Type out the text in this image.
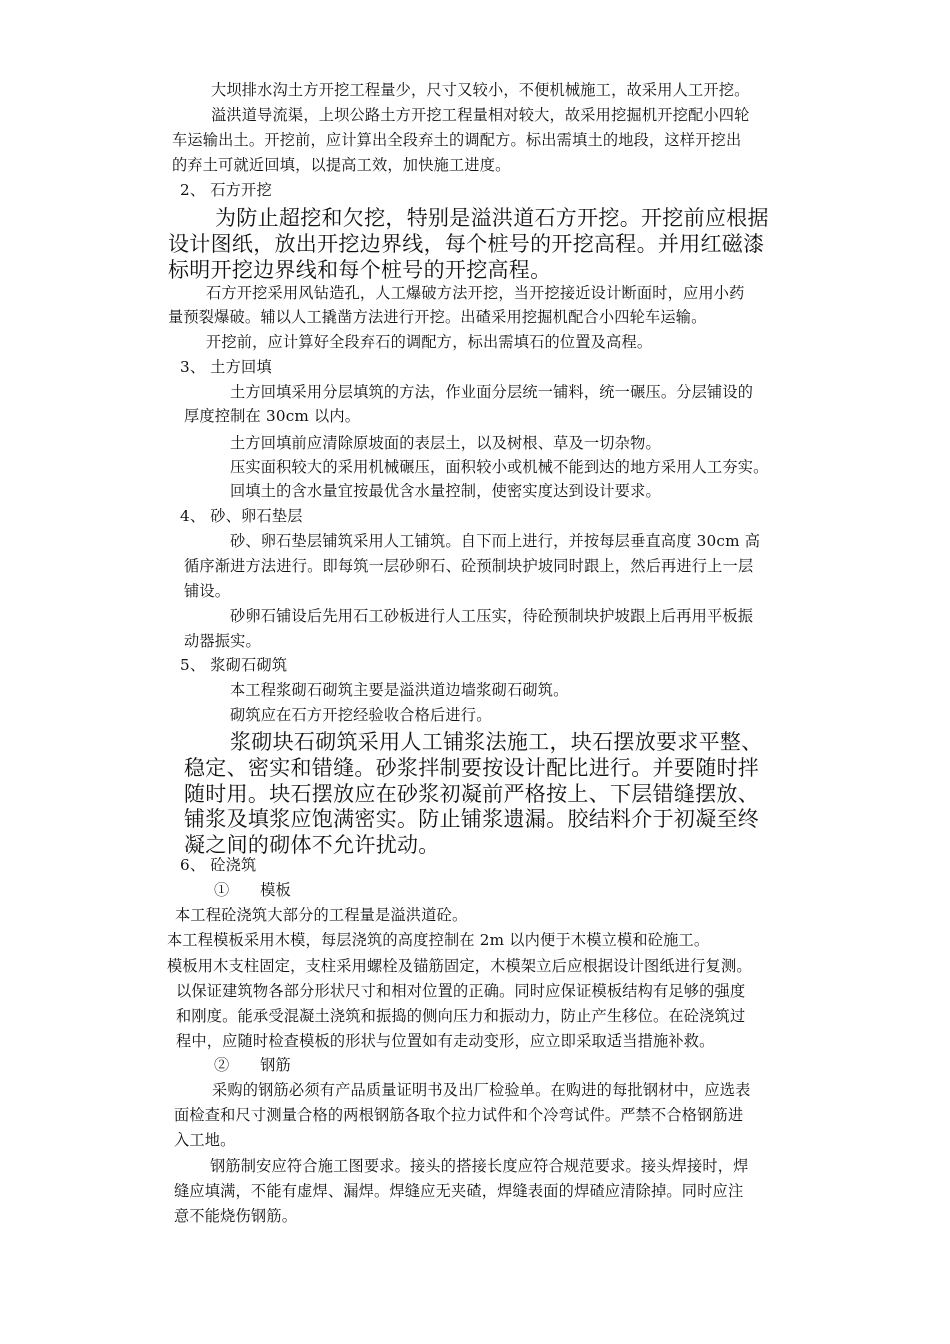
大坝排水沟土方开挖工程量少，尺寸又较小，不便机械施工，故采用人工开挖。
溢洪道导流渠，上坝公路土方开挖工程量相对较大，故采用挖掘机开挖配小四轮
车运输出土。开挖前，应计算出全段弃土的调配方。标出需填土的地段，这样开挖出
的弃土可就近回填，以提高工效，加快施工进度。
2、 石方开挖
为防止超挖和欠挖，特别是溢洪道石方开挖。开挖前应根据
设计图纸，放出开挖边界线，每个桩号的开挖高程。并用红磁漆
标明开挖边界线和每个桩号的开挖高程。
石方开挖采用风钻造孔，人工爆破方法开挖，当开挖接近设计断面时，应用小药
量预裂爆破。辅以人工撬凿方法进行开挖。出碴采用挖掘机配合小四轮车运输。
开挖前，应计算好全段弃石的调配方，标出需填石的位置及高程。
3、 土方回填
土方回填采用分层填筑的方法，作业面分层统一铺料，统一碾压。分层铺设的
厚度控制在 30cm 以内。
土方回填前应清除原坡面的表层土，以及树根、草及一切杂物。
压实面积较大的采用机械碾压，面积较小或机械不能到达的地方采用人工夯实。
回填土的含水量宜按最优含水量控制，使密实度达到设计要求。
4、 砂、卵石垫层
砂、卵石垫层铺筑采用人工铺筑。自下而上进行，并按每层垂直高度 30cm 高
循序渐进方法进行。即每筑一层砂卵石、砼预制块护坡同时跟上，然后再进行上一层
铺设。
砂卵石铺设后先用石工砂板进行人工压实，待砼预制块护坡跟上后再用平板振
动器振实。
5、 浆砌石砌筑
本工程浆砌石砌筑主要是溢洪道边墙浆砌石砌筑。
砌筑应在石方开挖经验收合格后进行。
浆砌块石砌筑采用人工铺浆法施工，块石摆放要求平整、
稳定、密实和错缝。砂浆拌制要按设计配比进行。并要随时拌
随时用。块石摆放应在砂浆初凝前严格按上、下层错缝摆放、
铺浆及填浆应饱满密实。防止铺浆遗漏。胶结料介于初凝至终
凝之间的砌体不允许扰动。
6、 砼浇筑
①　　模板
本工程砼浇筑大部分的工程量是溢洪道砼。
本工程模板采用木模，每层浇筑的高度控制在 2m 以内便于木模立模和砼施工。
模板用木支柱固定，支柱采用螺栓及锚筋固定，木模架立后应根据设计图纸进行复测。
以保证建筑物各部分形状尺寸和相对位置的正确。同时应保证模板结构有足够的强度
和刚度。能承受混凝土浇筑和振捣的侧向压力和振动力，防止产生移位。在砼浇筑过
程中，应随时检查模板的形状与位置如有走动变形，应立即采取适当措施补救。
②　　钢筋
采购的钢筋必须有产品质量证明书及出厂检验单。在购进的每批钢材中，应选表
面检查和尺寸测量合格的两根钢筋各取个拉力试件和个冷弯试件。严禁不合格钢筋进
入工地。
钢筋制安应符合施工图要求。接头的搭接长度应符合规范要求。接头焊接时，焊
缝应填满，不能有虚焊、漏焊。焊缝应无夹碴，焊缝表面的焊碴应清除掉。同时应注
意不能烧伤钢筋。
